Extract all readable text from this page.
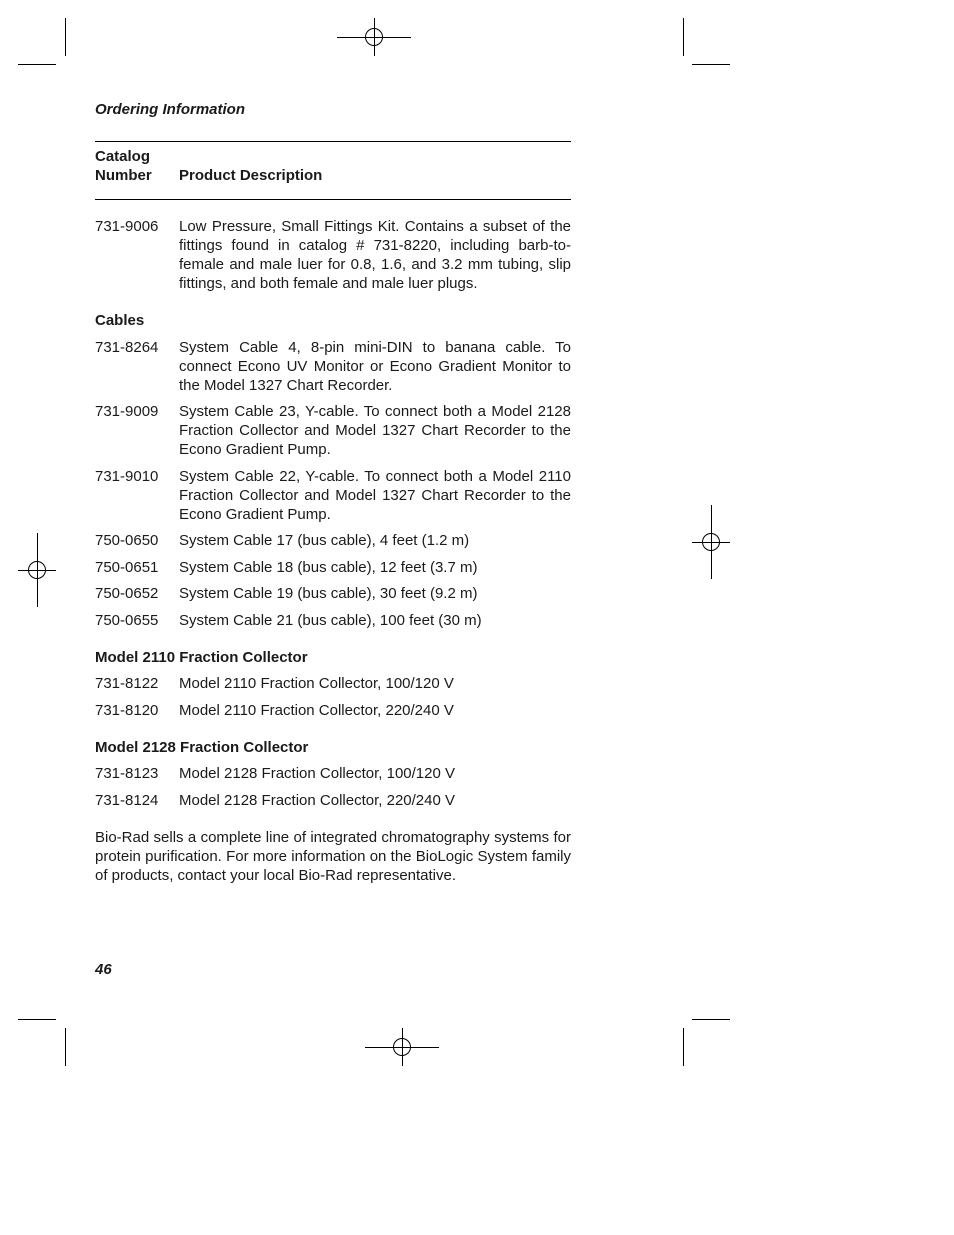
Ordering Information
Catalog
Number	Product Description
731-9006	Low Pressure, Small Fittings Kit. Contains a subset of the fittings found in catalog # 731-8220, including barb-to-female and male luer for 0.8, 1.6, and 3.2 mm tubing, slip fittings, and both female and male luer plugs.
Cables
731-8264	System Cable 4, 8-pin mini-DIN to banana cable. To connect Econo UV Monitor or Econo Gradient Monitor to the Model 1327 Chart Recorder.
731-9009	System Cable 23, Y-cable. To connect both a Model 2128 Fraction Collector and Model 1327 Chart Recorder to the Econo Gradient Pump.
731-9010	System Cable 22, Y-cable. To connect both a Model 2110 Fraction Collector and Model 1327 Chart Recorder to the Econo Gradient Pump.
750-0650	System Cable 17 (bus cable), 4 feet (1.2 m)
750-0651	System Cable 18 (bus cable), 12 feet (3.7 m)
750-0652	System Cable 19 (bus cable), 30 feet (9.2 m)
750-0655	System Cable 21 (bus cable), 100 feet (30 m)
Model 2110 Fraction Collector
731-8122	Model 2110 Fraction Collector, 100/120 V
731-8120	Model 2110 Fraction Collector, 220/240 V
Model 2128 Fraction Collector
731-8123	Model 2128 Fraction Collector, 100/120 V
731-8124	Model 2128 Fraction Collector, 220/240 V
Bio-Rad sells a complete line of integrated chromatography systems for protein purification. For more information on the BioLogic System family of products, contact your local Bio-Rad representative.
46
